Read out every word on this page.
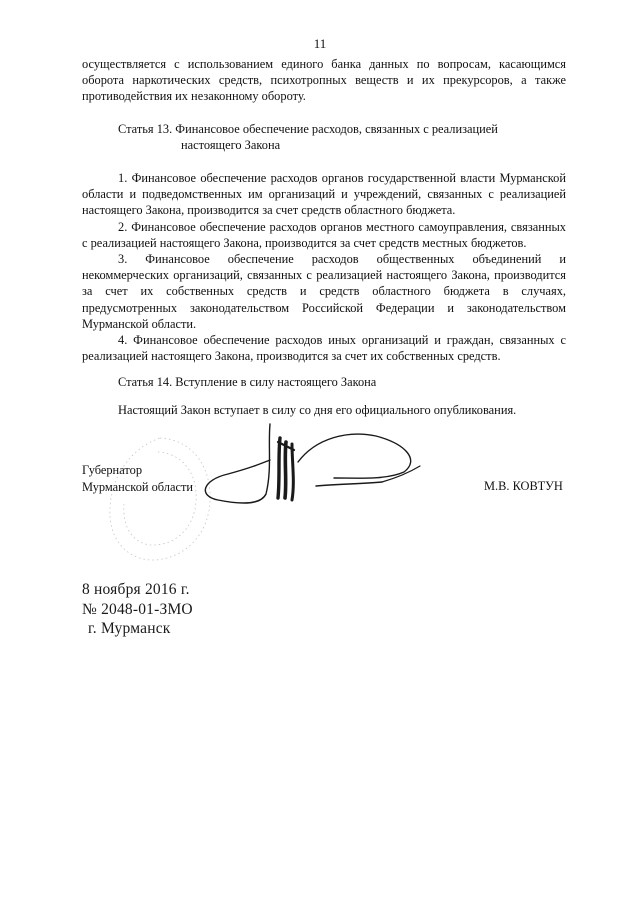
11

осуществляется с использованием единого банка данных по вопросам, касающимся оборота наркотических средств, психотропных веществ и их прекурсоров, а также противодействия их незаконному обороту.

Статья 13. Финансовое обеспечение расходов, связанных с реализацией
настоящего Закона

1. Финансовое обеспечение расходов органов государственной власти Мурманской области и подведомственных им организаций и учреждений, связанных с реализацией настоящего Закона, производится за счет средств областного бюджета.

2. Финансовое обеспечение расходов органов местного самоуправления, связанных с реализацией настоящего Закона, производится за счет средств местных бюджетов.

3. Финансовое обеспечение расходов общественных объединений и некоммерческих организаций, связанных с реализацией настоящего Закона, производится за счет их собственных средств и средств областного бюджета в случаях, предусмотренных законодательством Российской Федерации и законодательством Мурманской области.

4. Финансовое обеспечение расходов иных организаций и граждан, связанных с реализацией настоящего Закона, производится за счет их собственных средств.

Статья 14. Вступление в силу настоящего Закона

Настоящий Закон вступает в силу со дня его официального опубликования.

Губернатор
Мурманской области	М.В. КОВТУН
8 ноября 2016 г.
№ 2048-01-ЗМО
г. Мурманск
